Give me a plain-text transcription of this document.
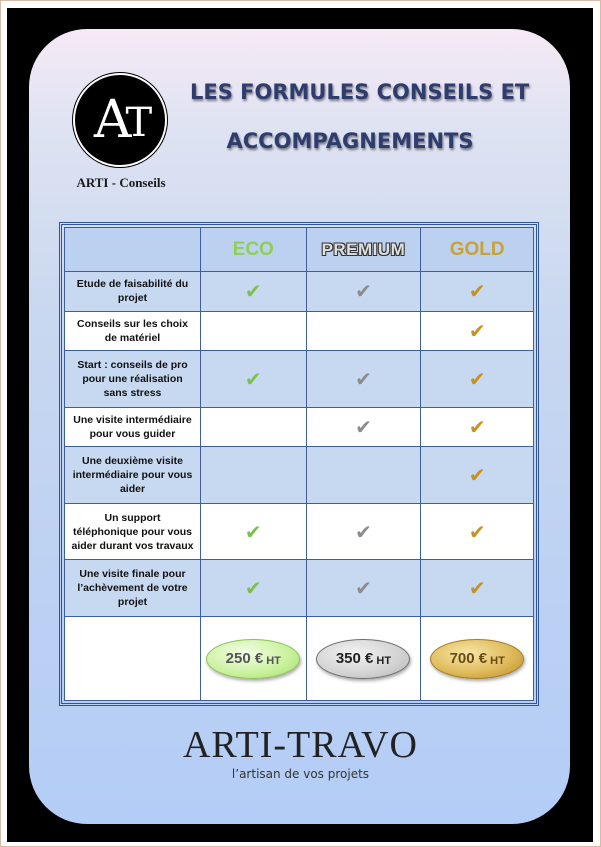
A T
ARTI - Conseils
LES FORMULES CONSEILS ET
ACCOMPAGNEMENTS
	ECO	PREMIUM	GOLD
Etude de faisabilité du projet	✔	✔	✔
Conseils sur les choix de matériel			✔
Start : conseils de pro pour une réalisation sans stress	✔	✔	✔
Une visite intermédiaire pour vous guider		✔	✔
Une deuxième visite intermédiaire pour vous aider			✔
Un support téléphonique pour vous aider durant vos travaux	✔	✔	✔
Une visite finale pour l’achèvement de votre projet	✔	✔	✔

	250 € HT	350 € HT	700 € HT
ARTI-TRAVO
l’artisan de vos projets
